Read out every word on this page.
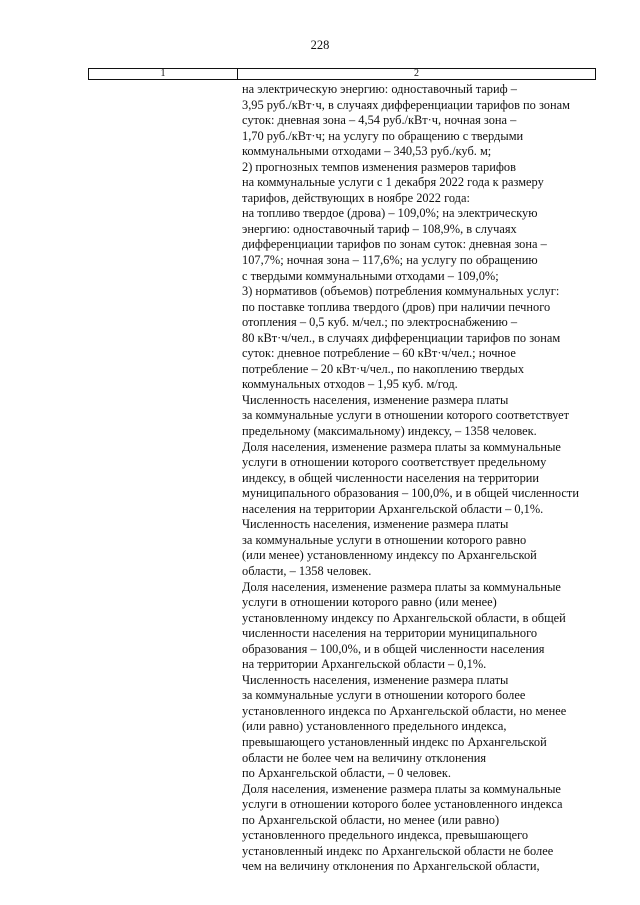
228
1	2
на электрическую энергию: одноставочный тариф –
3,95 руб./кВт·ч, в случаях дифференциации тарифов по зонам
суток: дневная зона – 4,54 руб./кВт·ч, ночная зона –
1,70 руб./кВт·ч; на услугу по обращению с твердыми
коммунальными отходами – 340,53 руб./куб. м;
2) прогнозных темпов изменения размеров тарифов
на коммунальные услуги с 1 декабря 2022 года к размеру
тарифов, действующих в ноябре 2022 года:
на топливо твердое (дрова) – 109,0%; на электрическую
энергию: одноставочный тариф – 108,9%, в случаях
дифференциации тарифов по зонам суток: дневная зона –
107,7%; ночная зона – 117,6%; на услугу по обращению
с твердыми коммунальными отходами – 109,0%;
3) нормативов (объемов) потребления коммунальных услуг:
по поставке топлива твердого (дров) при наличии печного
отопления – 0,5 куб. м/чел.; по электроснабжению –
80 кВт·ч/чел., в случаях дифференциации тарифов по зонам
суток: дневное потребление – 60 кВт·ч/чел.; ночное
потребление – 20 кВт·ч/чел., по накоплению твердых
коммунальных отходов – 1,95 куб. м/год.
Численность населения, изменение размера платы
за коммунальные услуги в отношении которого соответствует
предельному (максимальному) индексу, – 1358 человек.
Доля населения, изменение размера платы за коммунальные
услуги в отношении которого соответствует предельному
индексу, в общей численности населения на территории
муниципального образования – 100,0%, и в общей численности
населения на территории Архангельской области – 0,1%.
Численность населения, изменение размера платы
за коммунальные услуги в отношении которого равно
(или менее) установленному индексу по Архангельской
области, – 1358 человек.
Доля населения, изменение размера платы за коммунальные
услуги в отношении которого равно (или менее)
установленному индексу по Архангельской области, в общей
численности населения на территории муниципального
образования – 100,0%, и в общей численности населения
на территории Архангельской области – 0,1%.
Численность населения, изменение размера платы
за коммунальные услуги в отношении которого более
установленного индекса по Архангельской области, но менее
(или равно) установленного предельного индекса,
превышающего установленный индекс по Архангельской
области не более чем на величину отклонения
по Архангельской области, – 0 человек.
Доля населения, изменение размера платы за коммунальные
услуги в отношении которого более установленного индекса
по Архангельской области, но менее (или равно)
установленного предельного индекса, превышающего
установленный индекс по Архангельской области не более
чем на величину отклонения по Архангельской области,
